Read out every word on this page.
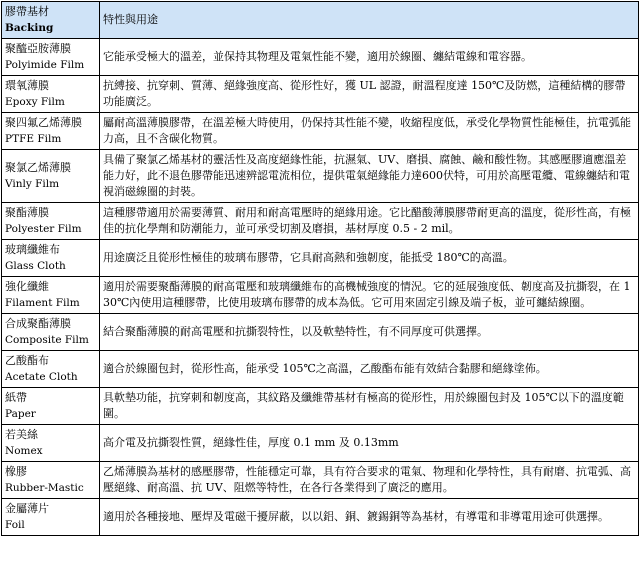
膠帶基材
Backing	特性與用途

聚醯亞胺薄膜
Polyimide Film	它能承受極大的溫差，並保持其物理及電氣性能不變，適用於線圈、纏結電線和電容器。

環氧薄膜
Epoxy Film	抗縛接、抗穿刺、質薄、絕緣強度高、從形性好，獲 UL 認證，耐溫程度達 150℃及防燃，這種結構的膠帶功能廣泛。

聚四氟乙烯薄膜
PTFE Film	屬耐高溫薄膜膠帶，在溫差極大時使用，仍保持其性能不變，收縮程度低，承受化學物質性能極佳，抗電弧能力高，且不含碳化物質。

聚氯乙烯薄膜
Vinly Film	具備了聚氯乙烯基材的靈活性及高度絕緣性能，抗濕氣、UV、磨損、腐蝕、鹼和酸性物。其感壓膠適應溫差能力好，此不退色膠帶能迅速辨認電流相位，提供電氣絕緣能力達600伏特，可用於高壓電纜、電線纏結和電視消磁線圈的封裝。

聚酯薄膜
Polyester Film	這種膠帶適用於需要薄質、耐用和耐高電壓時的絕緣用途。它比醋酸薄膜膠帶耐更高的溫度，從形性高，有極佳的抗化學劑和防潮能力，並可承受切割及磨損，基材厚度 0.5 - 2 mil。

玻璃纖維布
Glass Cloth	用途廣泛且從形性極佳的玻璃布膠帶，它具耐高熱和強韌度，能抵受 180℃的高溫。

強化纖維
Filament Film	適用於需要聚酯薄膜的耐高電壓和玻璃纖維布的高機械強度的情況。它的延展強度低、韌度高及抗撕裂，在 130℃內使用這種膠帶，比使用玻璃布膠帶的成本為低。它可用來固定引線及端子板，並可纏結線圈。

合成聚酯薄膜
Composite Film	結合聚酯薄膜的耐高電壓和抗撕裂特性，以及軟墊特性，有不同厚度可供選擇。

乙酸酯布
Acetate Cloth	適合於線圈包封，從形性高，能承受 105℃之高溫，乙酸酯布能有效結合黏膠和絕緣塗佈。

紙帶
Paper	具軟墊功能，抗穿刺和韌度高，其紋路及纖維帶基材有極高的從形性，用於線圈包封及 105℃以下的溫度範圍。

若美絲
Nomex	高介電及抗撕裂性質，絕緣性佳，厚度 0.1 mm 及 0.13mm

橡膠
Rubber-Mastic	乙烯薄膜為基材的感壓膠帶，性能穩定可靠，具有符合要求的電氣、物理和化學特性，具有耐磨、抗電弧、高壓絕緣、耐高溫、抗 UV、阻燃等特性，在各行各業得到了廣泛的應用。

金屬薄片
Foil	適用於各種接地、壓焊及電磁干擾屏蔽，以以鋁、銅、鍍錫銅等為基材，有導電和非導電用途可供選擇。
